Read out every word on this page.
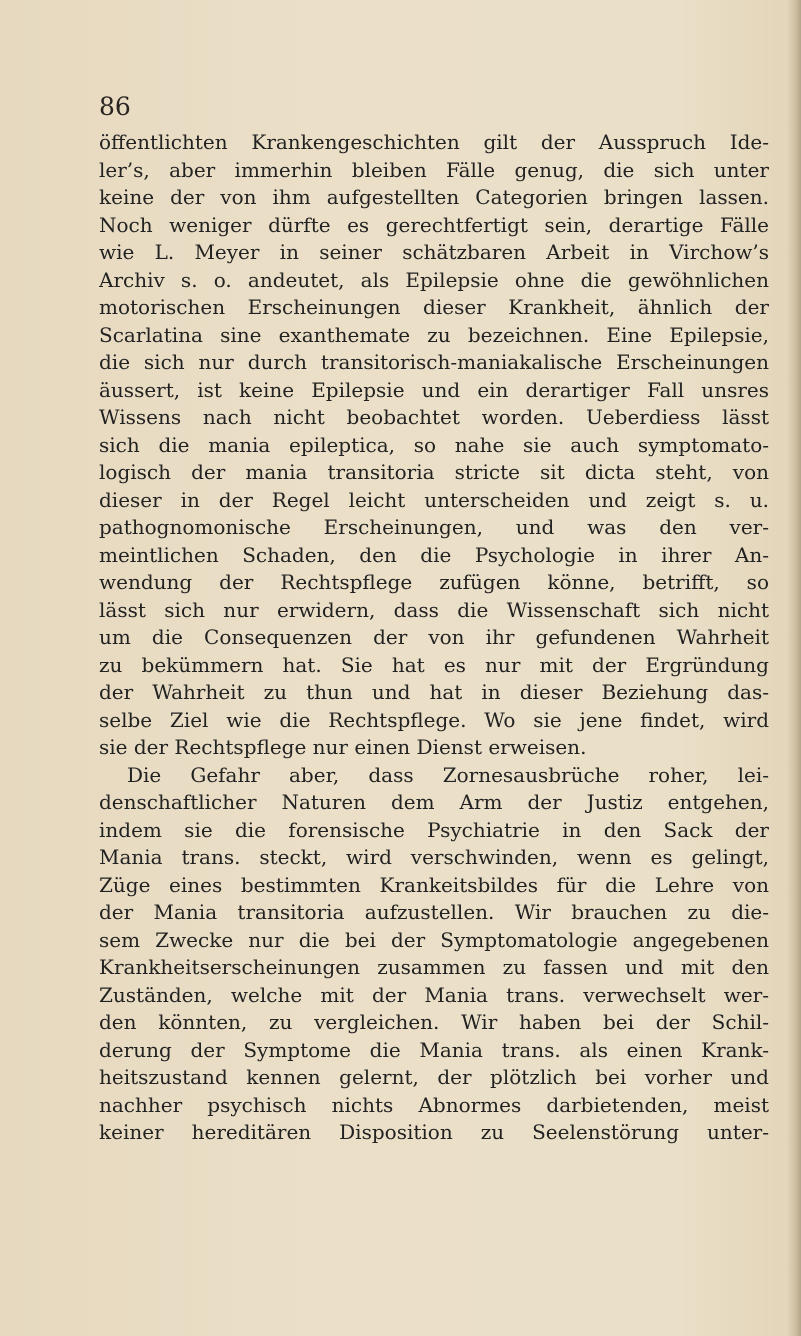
86

öffentlichten Krankengeschichten gilt der Ausspruch Ide-
ler’s, aber immerhin bleiben Fälle genug, die sich unter
keine der von ihm aufgestellten Categorien bringen lassen.
Noch weniger dürfte es gerechtfertigt sein, derartige Fälle
wie L. Meyer in seiner schätzbaren Arbeit in Virchow’s
Archiv s. o. andeutet, als Epilepsie ohne die gewöhnlichen
motorischen Erscheinungen dieser Krankheit, ähnlich der
Scarlatina sine exanthemate zu bezeichnen. Eine Epilepsie,
die sich nur durch transitorisch-maniakalische Erscheinungen
äussert, ist keine Epilepsie und ein derartiger Fall unsres
Wissens nach nicht beobachtet worden. Ueberdiess lässt
sich die mania epileptica, so nahe sie auch symptomato-
logisch der mania transitoria stricte sit dicta steht, von
dieser in der Regel leicht unterscheiden und zeigt s. u.
pathognomonische Erscheinungen, und was den ver-
meintlichen Schaden, den die Psychologie in ihrer An-
wendung der Rechtspflege zufügen könne, betrifft, so
lässt sich nur erwidern, dass die Wissenschaft sich nicht
um die Consequenzen der von ihr gefundenen Wahrheit
zu bekümmern hat. Sie hat es nur mit der Ergründung
der Wahrheit zu thun und hat in dieser Beziehung das-
selbe Ziel wie die Rechtspflege. Wo sie jene findet, wird
sie der Rechtspflege nur einen Dienst erweisen.
Die Gefahr aber, dass Zornesausbrüche roher, lei-
denschaftlicher Naturen dem Arm der Justiz entgehen,
indem sie die forensische Psychiatrie in den Sack der
Mania trans. steckt, wird verschwinden, wenn es gelingt,
Züge eines bestimmten Krankeitsbildes für die Lehre von
der Mania transitoria aufzustellen. Wir brauchen zu die-
sem Zwecke nur die bei der Symptomatologie angegebenen
Krankheitserscheinungen zusammen zu fassen und mit den
Zuständen, welche mit der Mania trans. verwechselt wer-
den könnten, zu vergleichen. Wir haben bei der Schil-
derung der Symptome die Mania trans. als einen Krank-
heitszustand kennen gelernt, der plötzlich bei vorher und
nachher psychisch nichts Abnormes darbietenden, meist
keiner hereditären Disposition zu Seelenstörung unter-
